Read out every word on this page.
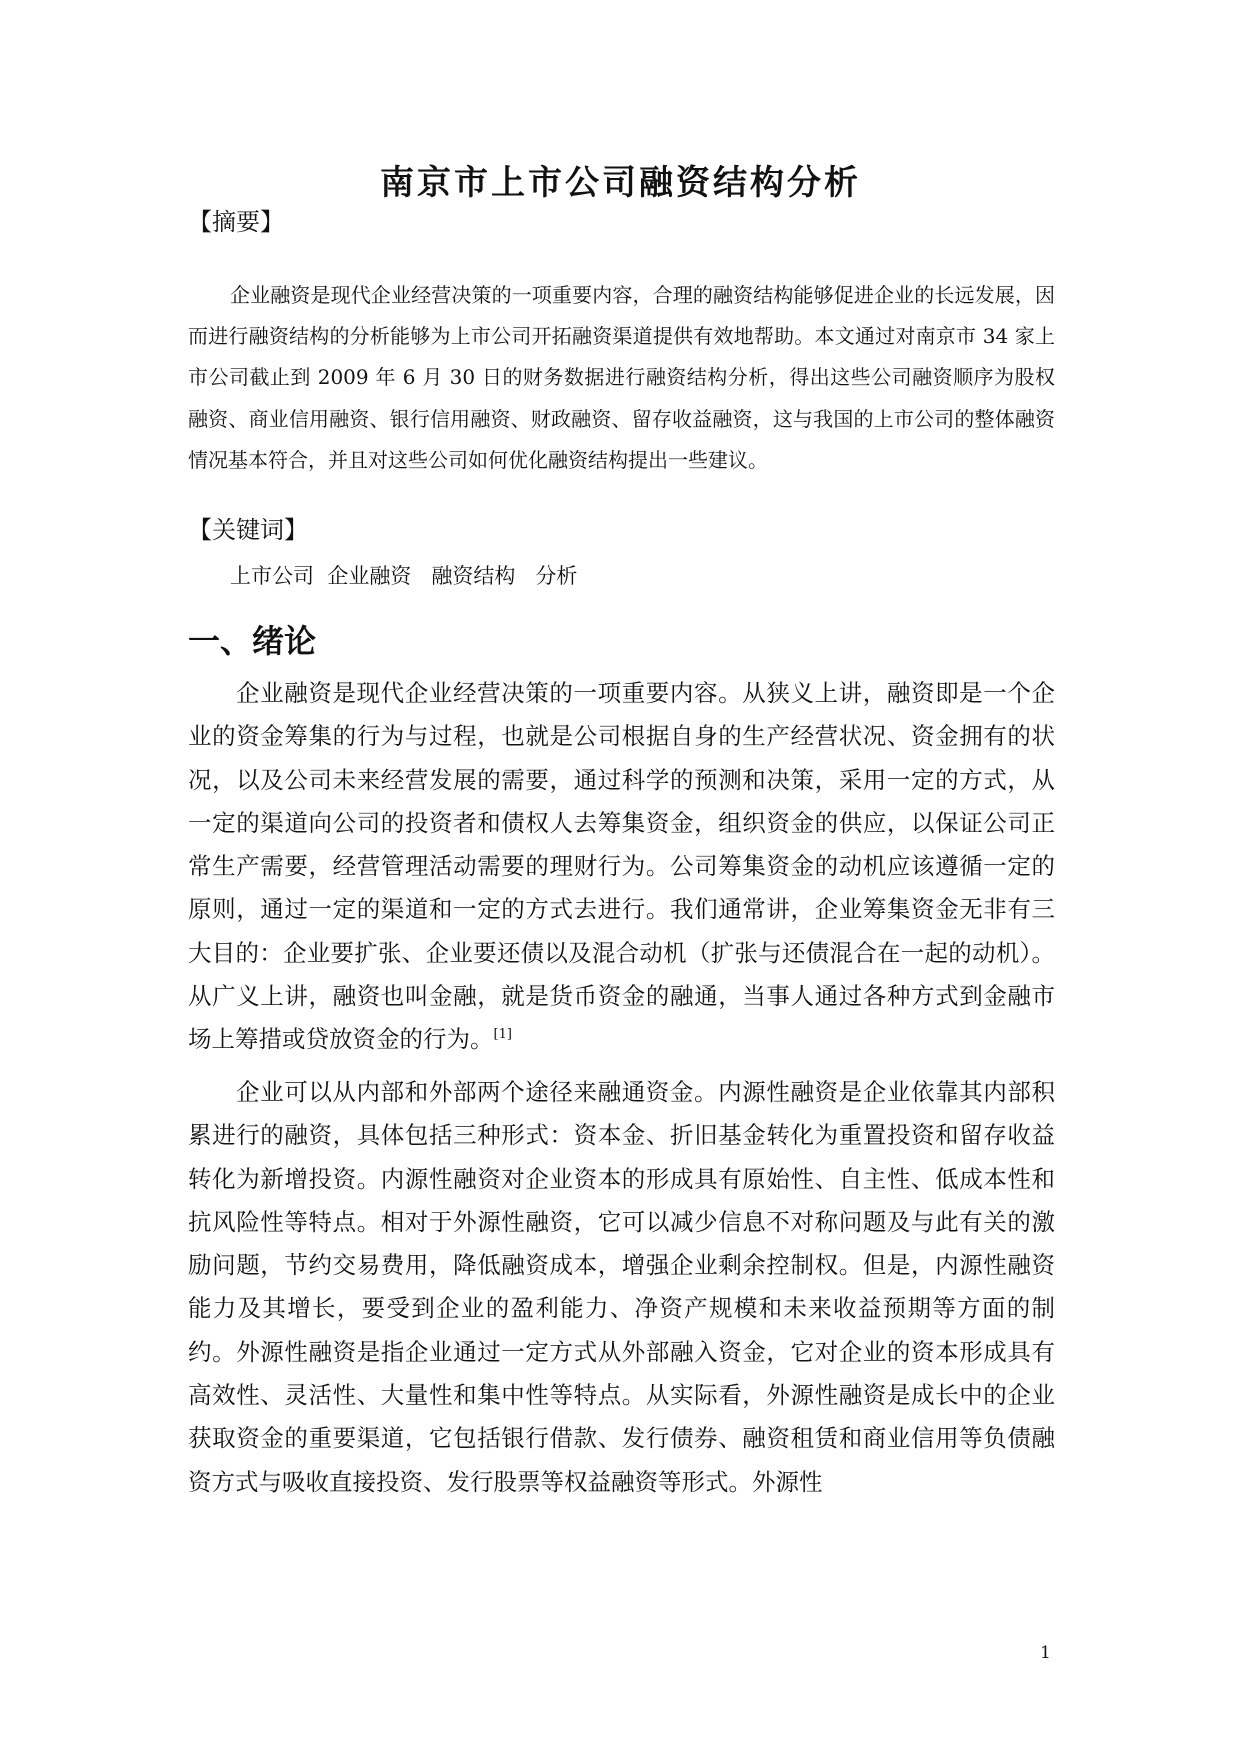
南京市上市公司融资结构分析

【摘要】

企业融资是现代企业经营决策的一项重要内容，合理的融资结构能够促进企业的长远发展，因而进行融资结构的分析能够为上市公司开拓融资渠道提供有效地帮助。本文通过对南京市 34 家上市公司截止到 2009 年 6 月 30 日的财务数据进行融资结构分析，得出这些公司融资顺序为股权融资、商业信用融资、银行信用融资、财政融资、留存收益融资，这与我国的上市公司的整体融资情况基本符合，并且对这些公司如何优化融资结构提出一些建议。

【关键词】

上市公司  企业融资   融资结构   分析

一、绪论

企业融资是现代企业经营决策的一项重要内容。从狭义上讲，融资即是一个企业的资金筹集的行为与过程，也就是公司根据自身的生产经营状况、资金拥有的状况，以及公司未来经营发展的需要，通过科学的预测和决策，采用一定的方式，从一定的渠道向公司的投资者和债权人去筹集资金，组织资金的供应，以保证公司正常生产需要，经营管理活动需要的理财行为。公司筹集资金的动机应该遵循一定的原则，通过一定的渠道和一定的方式去进行。我们通常讲，企业筹集资金无非有三大目的：企业要扩张、企业要还债以及混合动机（扩张与还债混合在一起的动机）。从广义上讲，融资也叫金融，就是货币资金的融通，当事人通过各种方式到金融市场上筹措或贷放资金的行为。[1]

企业可以从内部和外部两个途径来融通资金。内源性融资是企业依靠其内部积累进行的融资，具体包括三种形式：资本金、折旧基金转化为重置投资和留存收益转化为新增投资。内源性融资对企业资本的形成具有原始性、自主性、低成本性和抗风险性等特点。相对于外源性融资，它可以减少信息不对称问题及与此有关的激励问题，节约交易费用，降低融资成本，增强企业剩余控制权。但是，内源性融资能力及其增长，要受到企业的盈利能力、净资产规模和未来收益预期等方面的制约。外源性融资是指企业通过一定方式从外部融入资金，它对企业的资本形成具有高效性、灵活性、大量性和集中性等特点。从实际看，外源性融资是成长中的企业获取资金的重要渠道，它包括银行借款、发行债券、融资租赁和商业信用等负债融资方式与吸收直接投资、发行股票等权益融资等形式。外源性

1
